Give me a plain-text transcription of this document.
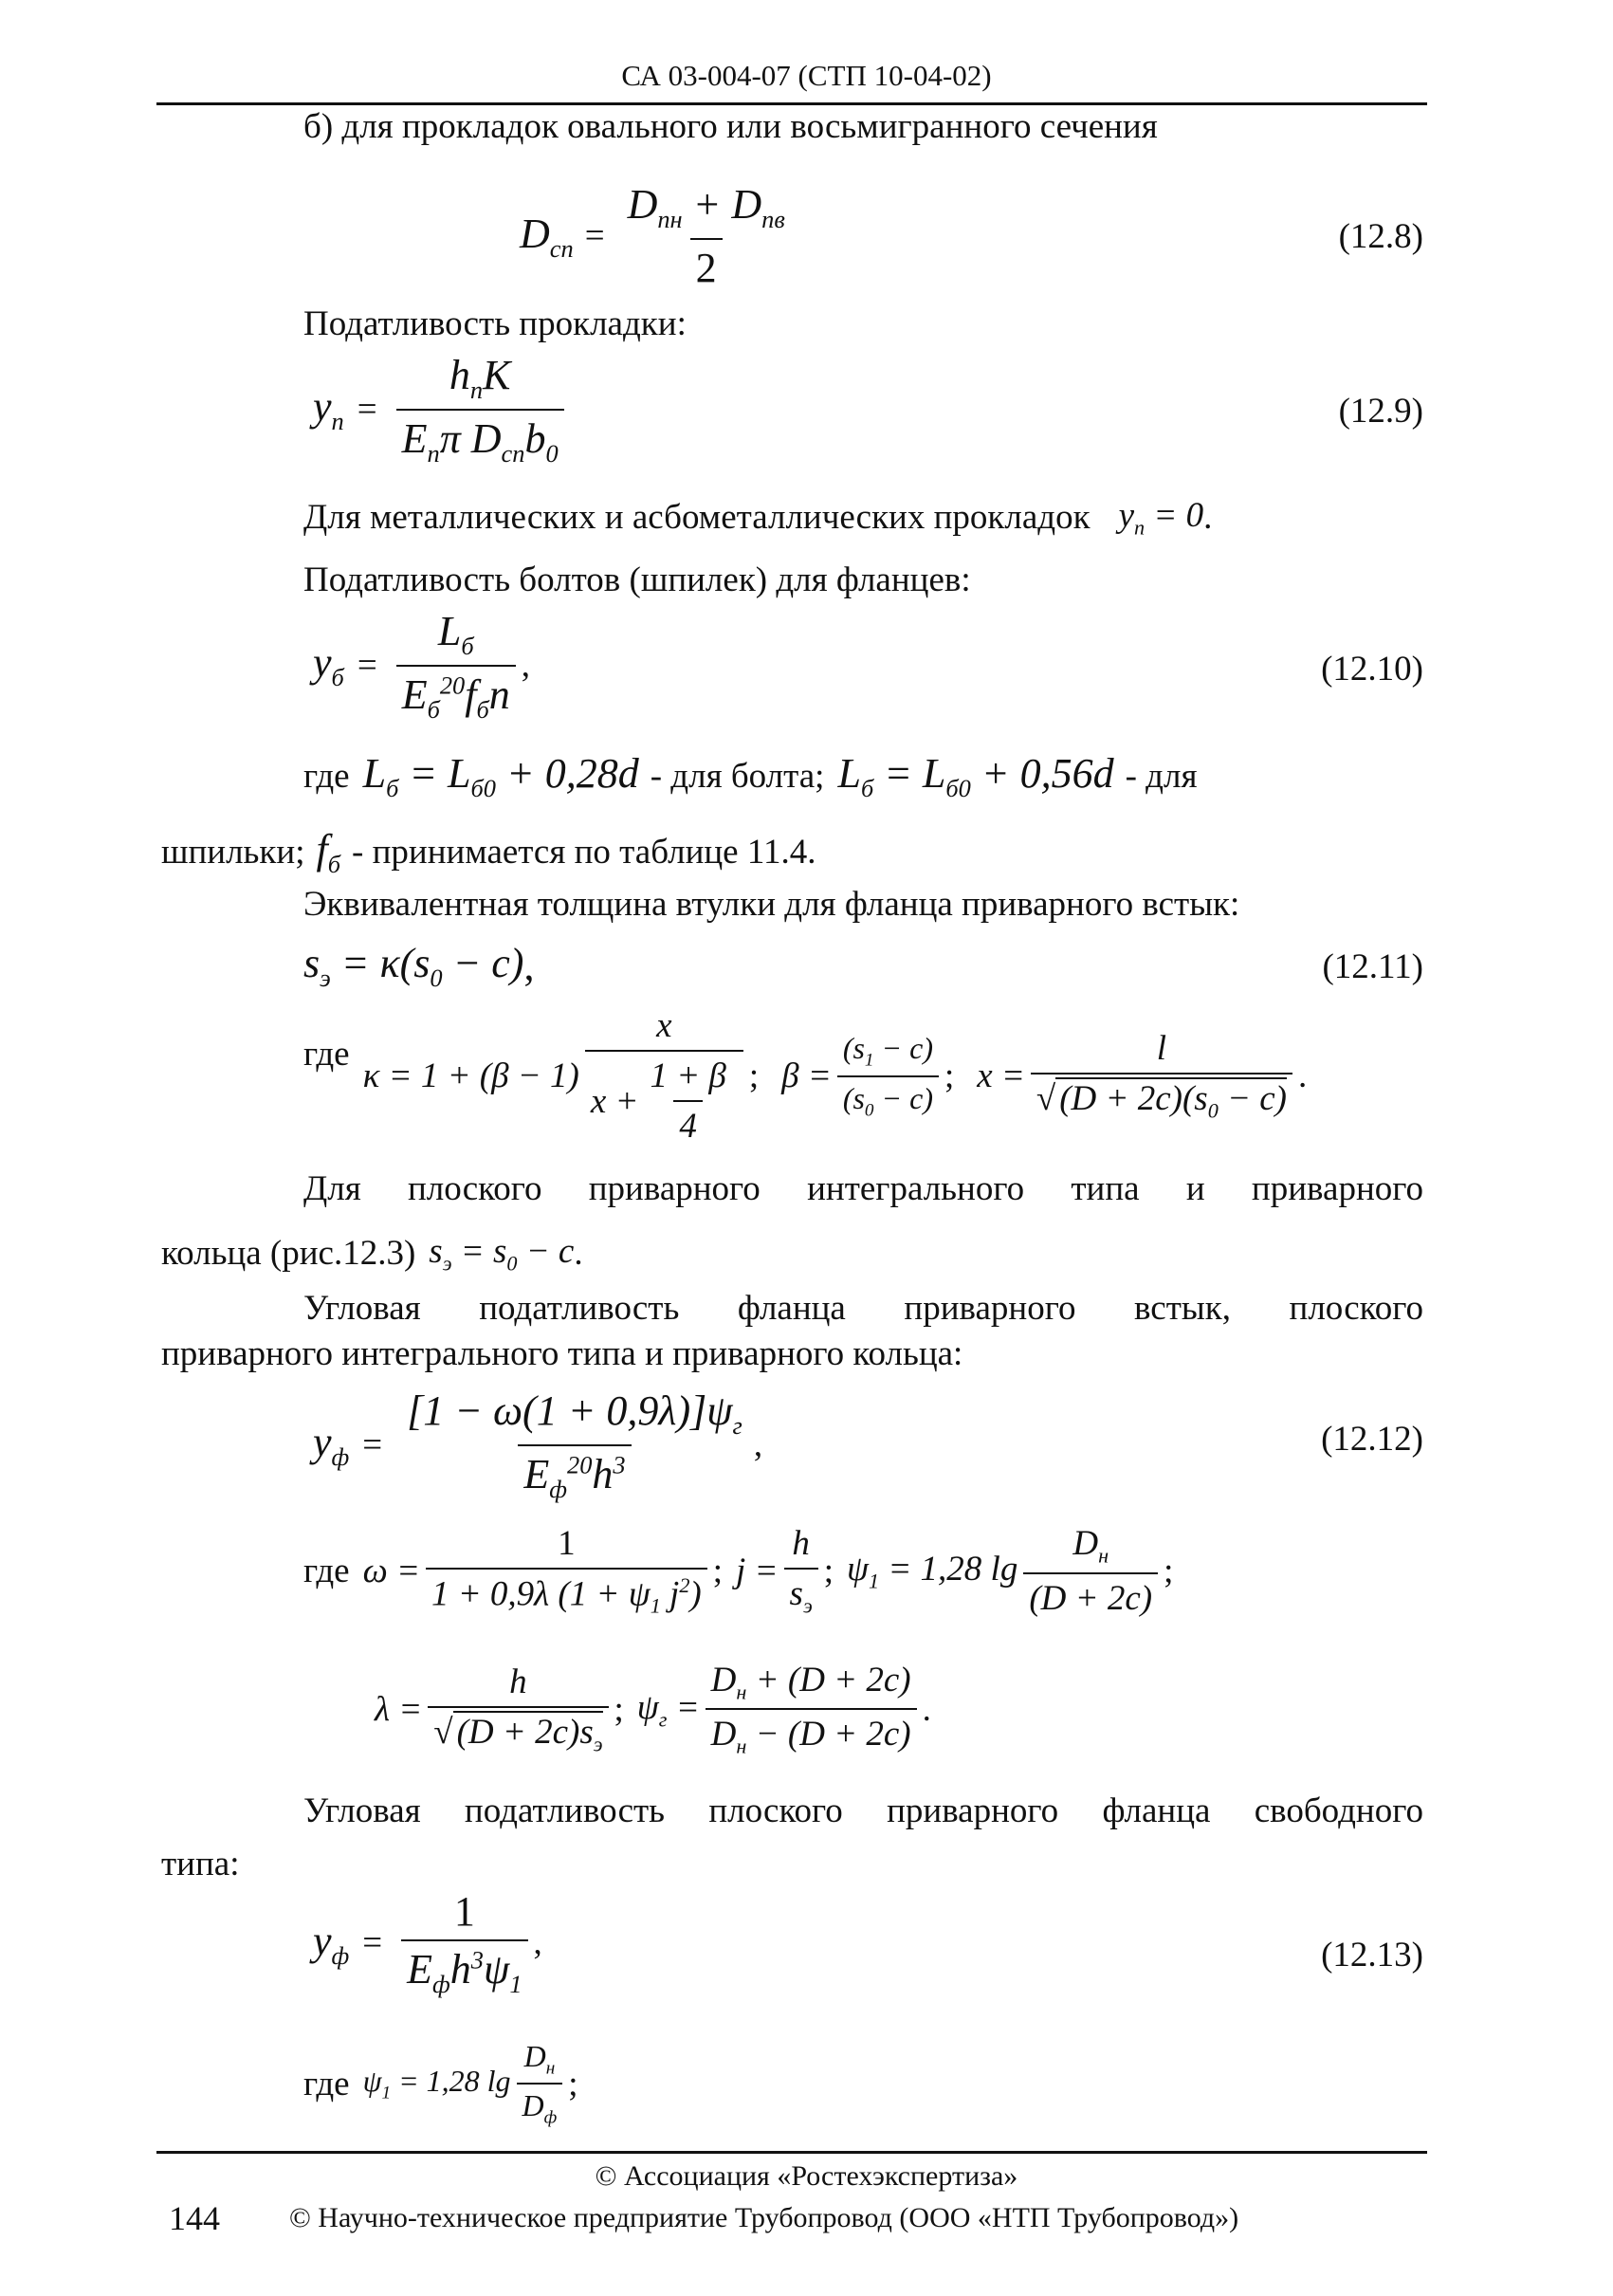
СА 03-004-07 (СТП 10-04-02)
б) для прокладок овального или восьмигранного сечения
$D_{сп} = \frac{D_{пн} + D_{пв}}{2}$	(12.8)
Податливость прокладки:
$y_п = \frac{h_пK}{E_п\pi D_{сп}b_0}$	(12.9)
Для металлических и асбометаллических прокладок $y_п = 0$ .
Податливость болтов (шпилек) для фланцев:
$y_б = \frac{L_б}{E_б^{20}f_бn}$ ,	(12.10)
где $L_б = L_{б0} + 0,28d$ - для болта; $L_б = L_{б0} + 0,56d$ - для
шпильки; $f_б$ - принимается по таблице 11.4.
Эквивалентная толщина втулки для фланца приварного встык:
$s_э = \kappa(s_0 - c)$ ,	(12.11)
где
$\kappa = 1 + (\beta - 1) \frac{x}{x + \frac{1 + \beta}{4}}$ ; $\beta = \frac{(s_1 - c)}{(s_0 - c)}$ ; $x = \frac{l}{√ (D + 2c)(s_0 - c)}$ .
Для плоского приварного интегрального типа и приварного
кольца (рис.12.3) $s_э = s_0 - c$ .
Угловая податливость фланца приварного встык, плоского
приварного интегрального типа и приварного кольца:
$y_ф = \frac{[1 - \omega(1 + 0,9\lambda)]\psi_г}{E_ф^{20}h^3}$ ,	(12.12)
где $\omega = \frac{1}{1 + 0,9\lambda (1 + \psi_1 j^2)}$ ; $j = \frac{h}{s_э}$ ; $\psi_1 = 1,28$ $\lg \frac{D_н}{(D + 2c)}$ ;
$\lambda = \frac{h}{√ (D + 2c)s_э}$ ; $\psi_г = \frac{D_н + (D + 2c)}{D_н - (D + 2c)}$ .
Угловая податливость плоского приварного фланца свободного
типа:
$y_ф = \frac{1}{E_фh^3\psi_1}$ ,	(12.13)
где $\psi_1 = 1,28$ $\lg \frac{D_н}{D_ф}$ ;
© Ассоциация «Ростехэкспертиза»
144 © Научно-техническое предприятие Трубопровод (ООО «НТП Трубопровод»)
